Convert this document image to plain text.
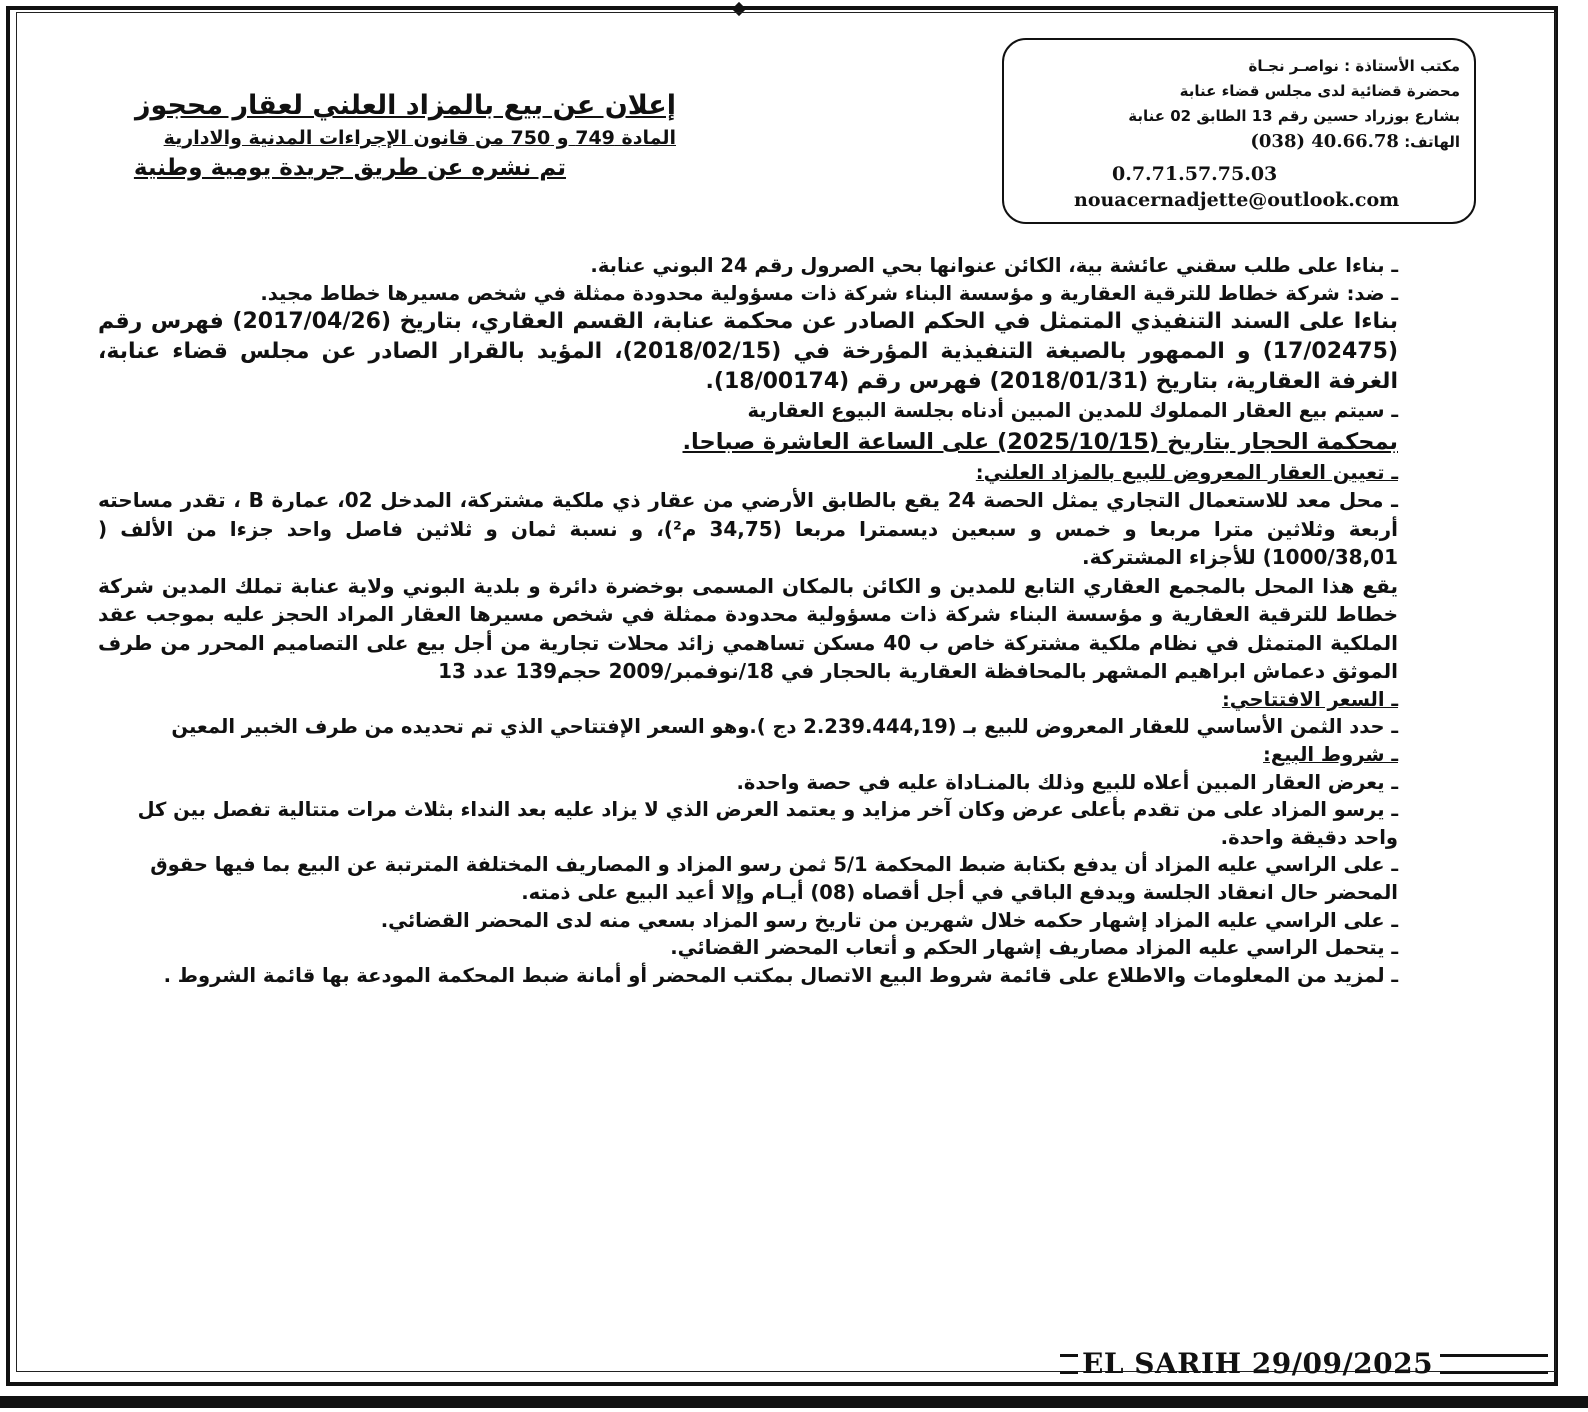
مكتب الأستاذة : نواصـر نجـاة
محضرة قضائية لدى مجلس قضاء عنابة
بشارع بوزراد حسين رقم 13 الطابق 02 عنابة
الهاتف: (038) 40.66.78
0.7.71.57.75.03
nouacernadjette@outlook.com

إعلان عن بيع بالمزاد العلني لعقار محجوز

المادة 749 و 750 من قانون الإجراءات المدنية والادارية

تم نشره عن طريق جريدة يومية وطنية

ـ بناءا على طلب سقني عائشة بية، الكائن عنوانها بحي الصرول رقم 24 البوني عنابة.

ـ ضد: شركة خطاط للترقية العقارية و مؤسسة البناء شركة ذات مسؤولية محدودة ممثلة في شخص مسيرها خطاط مجيد.

بناءا على السند التنفيذي المتمثل في الحكم الصادر عن محكمة عنابة، القسم العقاري، بتاريخ (2017/04/26) فهرس رقم (17/02475) و الممهور بالصيغة التنفيذية المؤرخة في (2018/02/15)، المؤيد بالقرار الصادر عن مجلس قضاء عنابة، الغرفة العقارية، بتاريخ (2018/01/31) فهرس رقم (18/00174).

ـ سيتم بيع العقار المملوك للمدين المبين أدناه بجلسة البيوع العقارية

بمحكمة الحجار بتاريخ (2025/10/15) على الساعة العاشرة صباحا.

ـ تعيين العقار المعروض للبيع بالمزاد العلني:

ـ محل معد للاستعمال التجاري يمثل الحصة 24 يقع بالطابق الأرضي من عقار ذي ملكية مشتركة، المدخل 02، عمارة B ، تقدر مساحته أربعة وثلاثين مترا مربعا و خمس و سبعين ديسمترا مربعا (34,75 م²)، و نسبة ثمان و ثلاثين فاصل واحد جزءا من الألف ( 1000/38,01) للأجزاء المشتركة.

يقع هذا المحل بالمجمع العقاري التابع للمدين و الكائن بالمكان المسمى بوخضرة دائرة و بلدية البوني ولاية عنابة تملك المدين شركة خطاط للترقية العقارية و مؤسسة البناء شركة ذات مسؤولية محدودة ممثلة في شخص مسيرها العقار المراد الحجز عليه بموجب عقد الملكية المتمثل في نظام ملكية مشتركة خاص ب 40 مسكن تساهمي زائد محلات تجارية من أجل بيع على التصاميم المحرر من طرف الموثق دعماش ابراهيم المشهر بالمحافظة العقارية بالحجار في 18/نوفمبر/2009 حجم139 عدد 13

ـ السعر الافتتاحي:

ـ حدد الثمن الأساسي للعقار المعروض للبيع بـ (2.239.444,19 دج ).وهو السعر الإفتتاحي الذي تم تحديده من طرف الخبير المعين

ـ شروط البيع:

ـ يعرض العقار المبين أعلاه للبيع وذلك بالمنـاداة عليه في حصة واحدة.

ـ يرسو المزاد على من تقدم بأعلى عرض وكان آخر مزايد و يعتمد العرض الذي لا يزاد عليه بعد النداء بثلاث مرات متتالية تفصل بين كل واحد دقيقة واحدة.

ـ على الراسي عليه المزاد أن يدفع بكتابة ضبط المحكمة 5/1 ثمن رسو المزاد و المصاريف المختلفة المترتبة عن البيع بما فيها حقوق المحضر حال انعقاد الجلسة ويدفع الباقي في أجل أقصاه (08) أيـام وإلا أعيد البيع على ذمته.

ـ على الراسي عليه المزاد إشهار حكمه خلال شهرين من تاريخ رسو المزاد بسعي منه لدى المحضر القضائي.

ـ يتحمل الراسي عليه المزاد مصاريف إشهار الحكم و أتعاب المحضر القضائي.

ـ لمزيد من المعلومات والاطلاع على قائمة شروط البيع الاتصال بمكتب المحضر أو أمانة ضبط المحكمة المودعة بها قائمة الشروط .

EL SARIH 29/09/2025
